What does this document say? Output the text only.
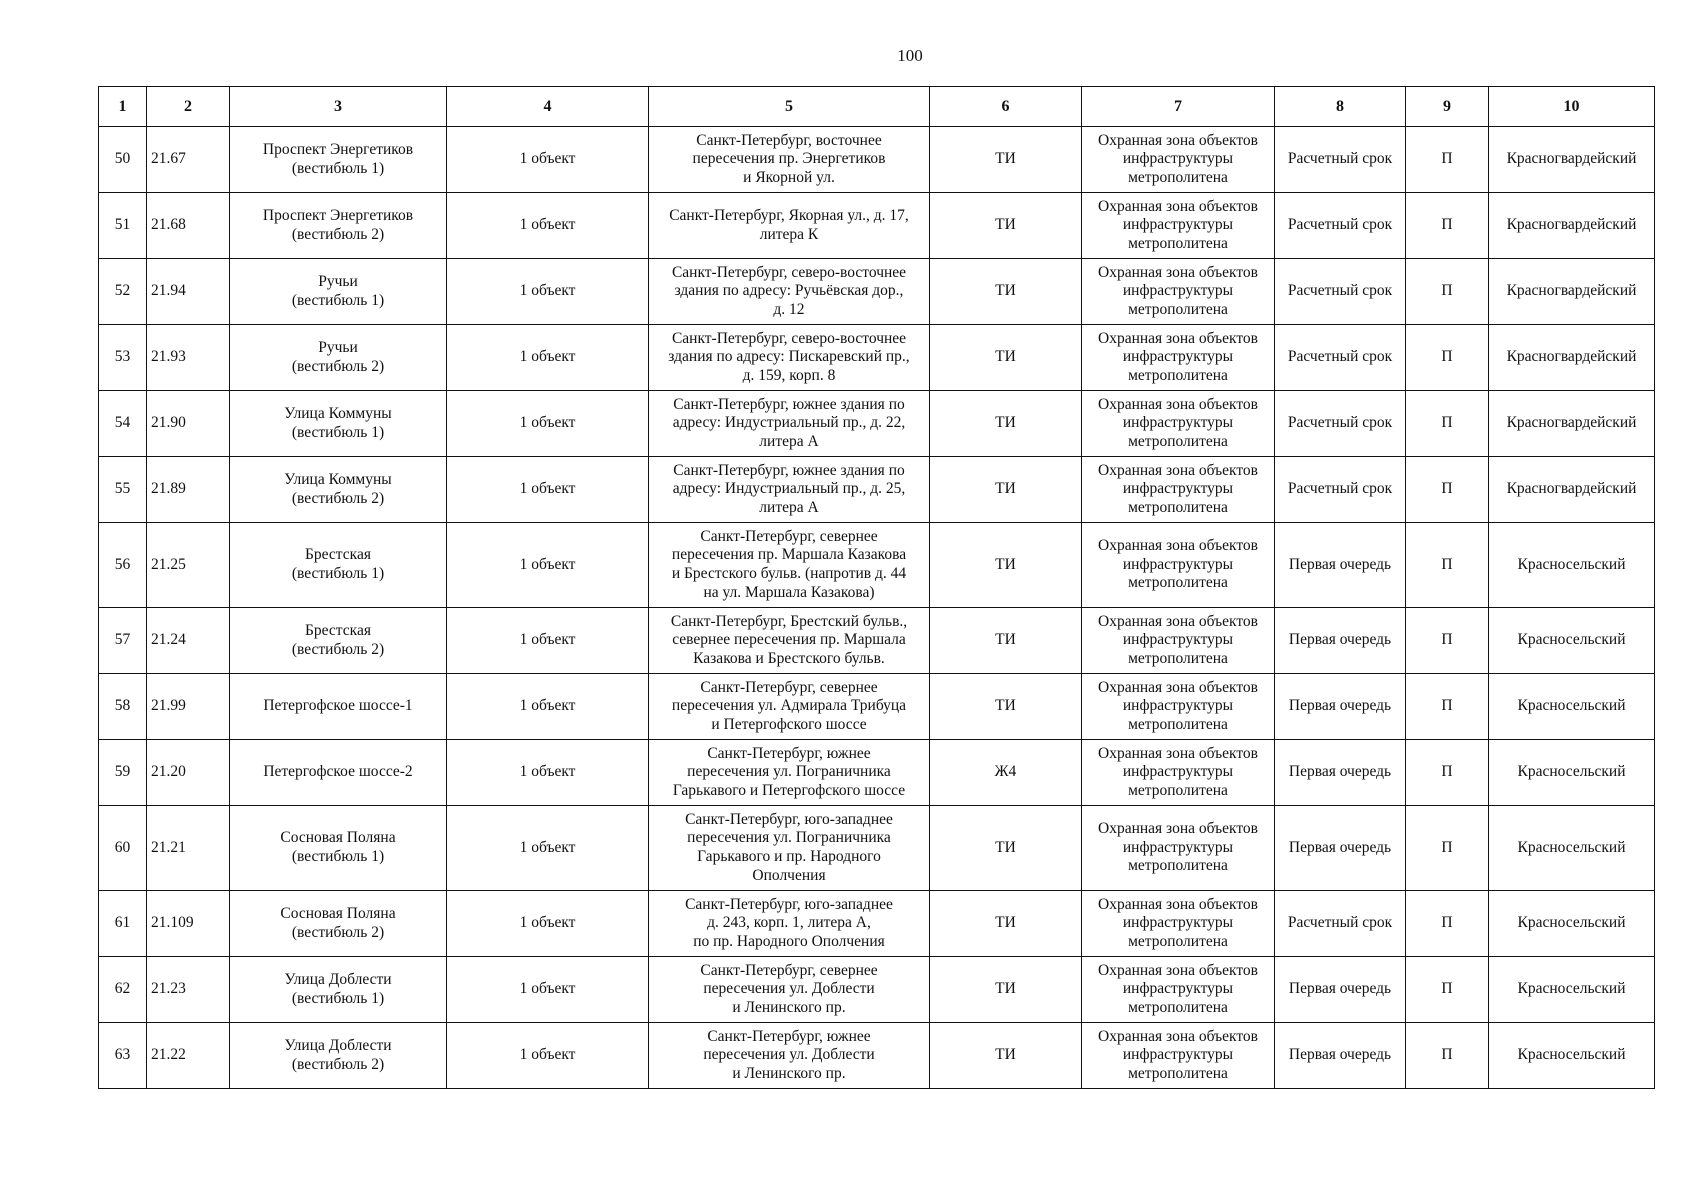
100
1	2	3	4	5	6	7	8	9	10
50	21.67	Проспект Энергетиков
(вестибюль 1)	1 объект	Санкт-Петербург, восточнее
пересечения пр. Энергетиков
и Якорной ул.	ТИ	Охранная зона объектов
инфраструктуры
метрополитена	Расчетный срок	П	Красногвардейский
51	21.68	Проспект Энергетиков
(вестибюль 2)	1 объект	Санкт-Петербург, Якорная ул., д. 17,
литера К	ТИ	Охранная зона объектов
инфраструктуры
метрополитена	Расчетный срок	П	Красногвардейский
52	21.94	Ручьи
(вестибюль 1)	1 объект	Санкт-Петербург, северо-восточнее
здания по адресу: Ручьёвская дор.,
д. 12	ТИ	Охранная зона объектов
инфраструктуры
метрополитена	Расчетный срок	П	Красногвардейский
53	21.93	Ручьи
(вестибюль 2)	1 объект	Санкт-Петербург, северо-восточнее
здания по адресу: Пискаревский пр.,
д. 159, корп. 8	ТИ	Охранная зона объектов
инфраструктуры
метрополитена	Расчетный срок	П	Красногвардейский
54	21.90	Улица Коммуны
(вестибюль 1)	1 объект	Санкт-Петербург, южнее здания по
адресу: Индустриальный пр., д. 22,
литера А	ТИ	Охранная зона объектов
инфраструктуры
метрополитена	Расчетный срок	П	Красногвардейский
55	21.89	Улица Коммуны
(вестибюль 2)	1 объект	Санкт-Петербург, южнее здания по
адресу: Индустриальный пр., д. 25,
литера А	ТИ	Охранная зона объектов
инфраструктуры
метрополитена	Расчетный срок	П	Красногвардейский
56	21.25	Брестская
(вестибюль 1)	1 объект	Санкт-Петербург, севернее
пересечения пр. Маршала Казакова
и Брестского бульв. (напротив д. 44
на ул. Маршала Казакова)	ТИ	Охранная зона объектов
инфраструктуры
метрополитена	Первая очередь	П	Красносельский
57	21.24	Брестская
(вестибюль 2)	1 объект	Санкт-Петербург, Брестский бульв.,
севернее пересечения пр. Маршала
Казакова и Брестского бульв.	ТИ	Охранная зона объектов
инфраструктуры
метрополитена	Первая очередь	П	Красносельский
58	21.99	Петергофское шоссе-1	1 объект	Санкт-Петербург, севернее
пересечения ул. Адмирала Трибуца
и Петергофского шоссе	ТИ	Охранная зона объектов
инфраструктуры
метрополитена	Первая очередь	П	Красносельский
59	21.20	Петергофское шоссе-2	1 объект	Санкт-Петербург, южнее
пересечения ул. Пограничника
Гарькавого и Петергофского шоссе	Ж4	Охранная зона объектов
инфраструктуры
метрополитена	Первая очередь	П	Красносельский
60	21.21	Сосновая Поляна
(вестибюль 1)	1 объект	Санкт-Петербург, юго-западнее
пересечения ул. Пограничника
Гарькавого и пр. Народного
Ополчения	ТИ	Охранная зона объектов
инфраструктуры
метрополитена	Первая очередь	П	Красносельский
61	21.109	Сосновая Поляна
(вестибюль 2)	1 объект	Санкт-Петербург, юго-западнее
д. 243, корп. 1, литера А,
по пр. Народного Ополчения	ТИ	Охранная зона объектов
инфраструктуры
метрополитена	Расчетный срок	П	Красносельский
62	21.23	Улица Доблести
(вестибюль 1)	1 объект	Санкт-Петербург, севернее
пересечения ул. Доблести
и Ленинского пр.	ТИ	Охранная зона объектов
инфраструктуры
метрополитена	Первая очередь	П	Красносельский
63	21.22	Улица Доблести
(вестибюль 2)	1 объект	Санкт-Петербург, южнее
пересечения ул. Доблести
и Ленинского пр.	ТИ	Охранная зона объектов
инфраструктуры
метрополитена	Первая очередь	П	Красносельский
